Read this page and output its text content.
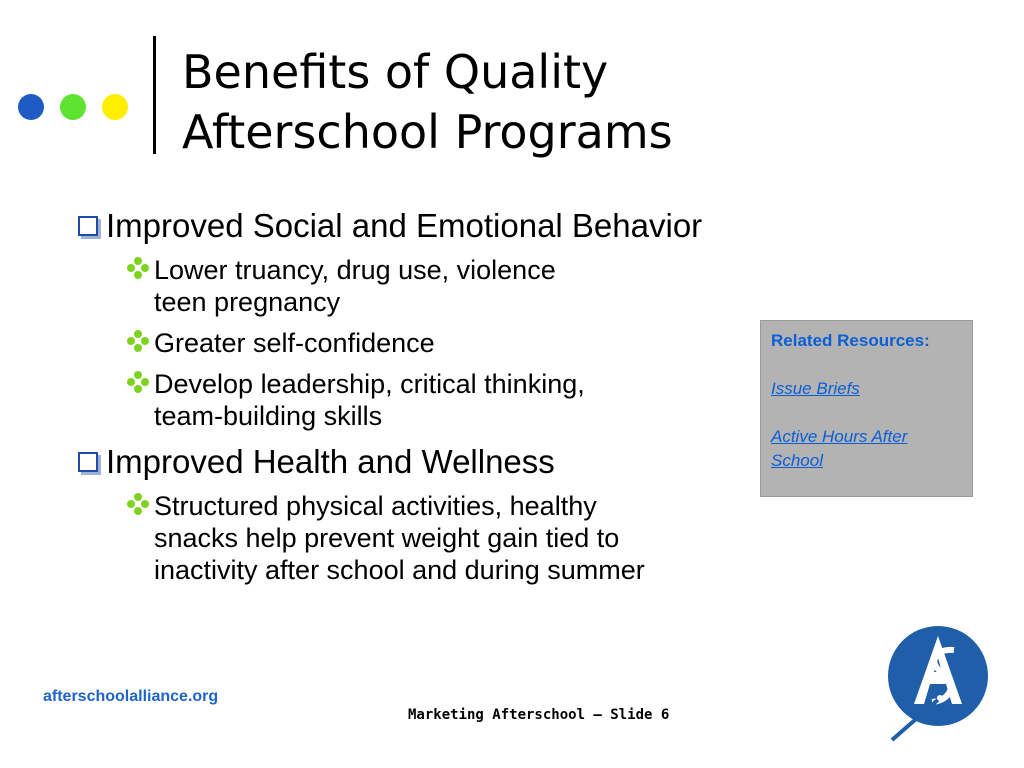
Benefits of Quality
Afterschool Programs
Improved Social and Emotional Behavior
Lower truancy, drug use, violence
teen pregnancy
Greater self-confidence
Develop leadership, critical thinking,
team-building skills
Improved Health and Wellness
Structured physical activities, healthy
snacks help prevent weight gain tied to
inactivity after school and during summer
Related Resources:
Issue Briefs
Active Hours After
School
afterschoolalliance.org
Marketing Afterschool – Slide 6
